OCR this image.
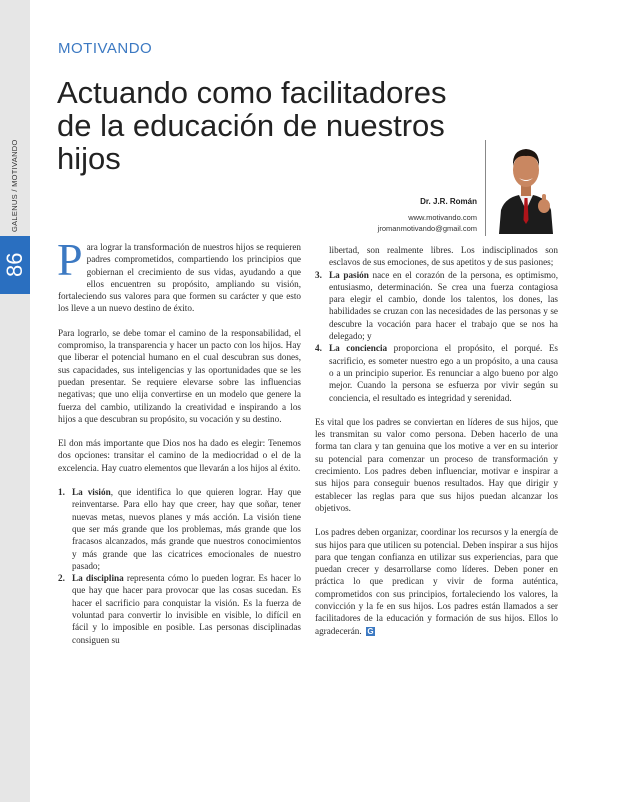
86
GALENUS / MOTIVANDO
MOTIVANDO
Actuando como facilitadores de la educación de nuestros hijos
Dr. J.R. Román
www.motivando.com
jromanmotivando@gmail.com

Para lograr la transformación de nuestros hijos se requieren padres comprometidos, compartiendo los principios que gobiernan el crecimiento de sus vidas, ayudando a que ellos encuentren su propósito, ampliando su visión, fortaleciendo sus valores para que formen su carácter y que esto los lleve a un nuevo destino de éxito.

Para lograrlo, se debe tomar el camino de la responsabilidad, el compromiso, la transparencia y hacer un pacto con los hijos. Hay que liberar el potencial humano en el cual descubran sus dones, sus capacidades, sus inteligencias y las oportunidades que se les puedan presentar. Se requiere elevarse sobre las influencias negativas; que uno elija convertirse en un modelo que genere la fuerza del cambio, utilizando la creatividad e inspirando a los hijos a que descubran su propósito, su vocación y su destino.

El don más importante que Dios nos ha dado es elegir: Tenemos dos opciones: transitar el camino de la mediocridad o el de la excelencia. Hay cuatro elementos que llevarán a los hijos al éxito.

1. La visión, que identifica lo que quieren lograr. Hay que reinventarse. Para ello hay que creer, hay que soñar, tener nuevas metas, nuevos planes y más acción. La visión tiene que ser más grande que los problemas, más grande que los fracasos alcanzados, más grande que nuestros conocimientos y más grande que las cicatrices emocionales de nuestro pasado;
2. La disciplina representa cómo lo pueden lograr. Es hacer lo que hay que hacer para provocar que las cosas sucedan. Es hacer el sacrificio para conquistar la visión. Es la fuerza de voluntad para convertir lo invisible en visible, lo difícil en fácil y lo imposible en posible. Las personas disciplinadas consiguen su
libertad, son realmente libres. Los indisciplinados son esclavos de sus emociones, de sus apetitos y de sus pasiones;
3. La pasión nace en el corazón de la persona, es optimismo, entusiasmo, determinación. Se crea una fuerza contagiosa para elegir el cambio, donde los talentos, los dones, las habilidades se cruzan con las necesidades de las personas y se descubre la vocación para hacer el trabajo que se nos ha delegado; y
4. La conciencia proporciona el propósito, el porqué. Es sacrificio, es someter nuestro ego a un propósito, a una causa o a un principio superior. Es renunciar a algo bueno por algo mejor. Cuando la persona se esfuerza por vivir según su conciencia, el resultado es integridad y serenidad.

Es vital que los padres se conviertan en líderes de sus hijos, que les transmitan su valor como persona. Deben hacerlo de una forma tan clara y tan genuina que los motive a ver en su interior su potencial para comenzar un proceso de transformación y crecimiento. Los padres deben influenciar, motivar e inspirar a sus hijos para conseguir buenos resultados. Hay que dirigir y establecer las reglas para que sus hijos puedan alcanzar los objetivos.

Los padres deben organizar, coordinar los recursos y la energía de sus hijos para que utilicen su potencial. Deben inspirar a sus hijos para que tengan confianza en utilizar sus experiencias, para que puedan crecer y desarrollarse como líderes. Deben poner en práctica lo que predican y vivir de forma auténtica, comprometidos con sus principios, fortaleciendo los valores, la convicción y la fe en sus hijos. Los padres están llamados a ser facilitadores de la educación y formación de sus hijos. Ellos lo agradecerán. G
